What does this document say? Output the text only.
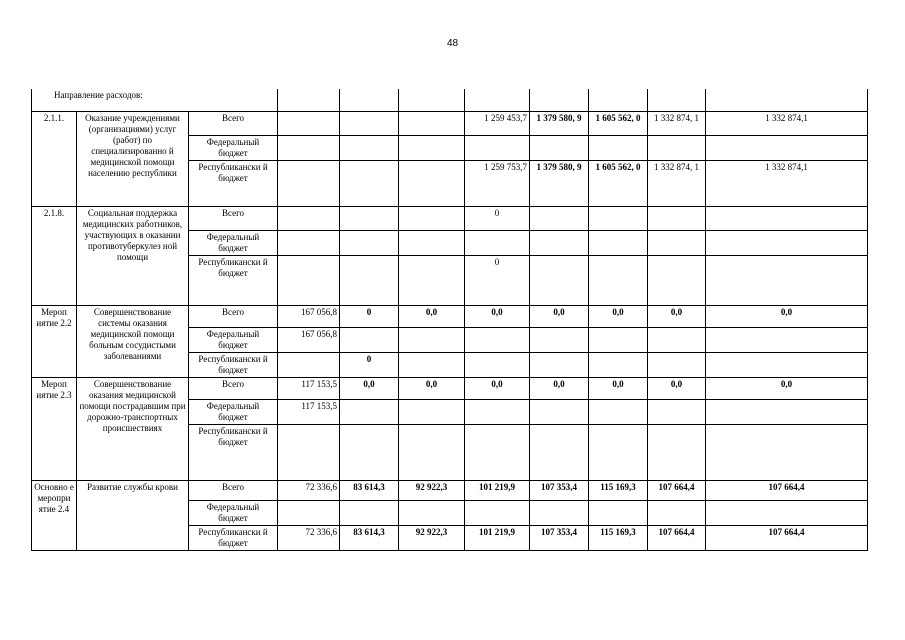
48
Направление расходов:										
2.1.1.	Оказание учреждениями (организациями) услуг (работ) по специализированно й медицинской помощи населению республики	Всего				1 259 453,7	1 379 580, 9	1 605 562, 0	1 332 874, 1	1 332 874,1
		Федеральный бюджет								
		Республикански й бюджет				1 259 753,7	1 379 580, 9	1 605 562, 0	1 332 874, 1	1 332 874,1
2.1.8.	Социальная поддержка медицинских работников, участвующих в оказании противотуберкулез ной помощи	Всего				0				
		Федеральный бюджет								
		Республикански й бюджет				0				
Мероп иятие 2.2	Совершенствование системы оказания медицинской помощи больным сосудистыми заболеваниями	Всего	167 056,8	0	0,0	0,0	0,0	0,0	0,0	0,0
		Федеральный бюджет	167 056,8							
		Республикански й бюджет		0						
Мероп иятие 2.3	Совершенствование оказания медицинской помощи пострадавшим при дорожно-транспортных происшествиях	Всего	117 153,5	0,0	0,0	0,0	0,0	0,0	0,0	0,0
		Федеральный бюджет	117 153,5							
		Республикански й бюджет								
Основно е меропри ятие 2.4	Развитие службы крови	Всего	72 336,6	83 614,3	92 922,3	101 219,9	107 353,4	115 169,3	107 664,4	107 664,4
		Федеральный бюджет								
		Республикански й бюджет	72 336,6	83 614,3	92 922,3	101 219,9	107 353,4	115 169,3	107 664,4	107 664,4
